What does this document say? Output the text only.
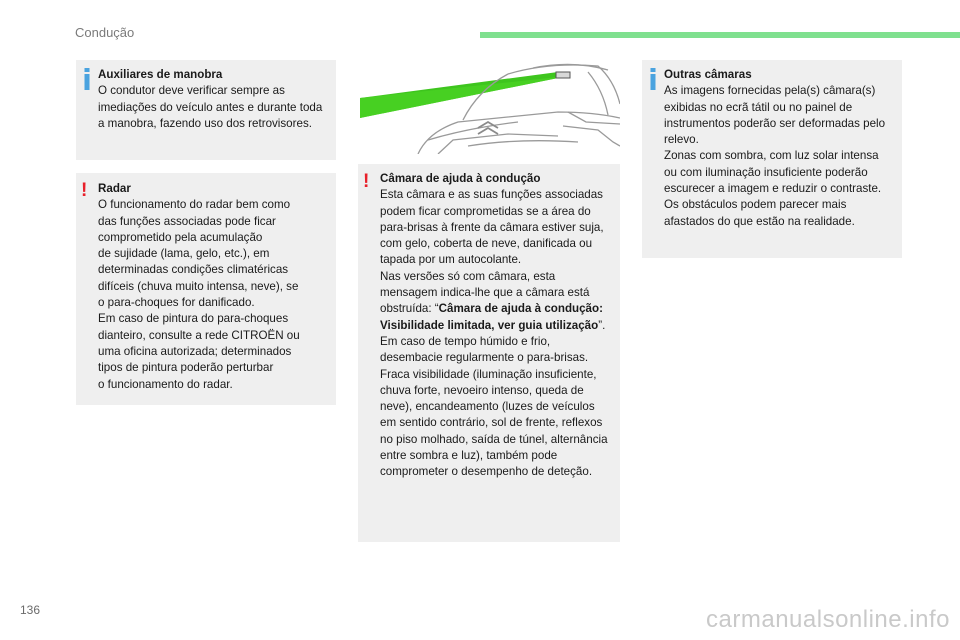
Condução

Auxiliares de manobra

O condutor deve verificar sempre as imediações do veículo antes e durante toda a manobra, fazendo uso dos retrovisores.

! Radar

O funcionamento do radar bem como

das funções associadas pode ficar

comprometido pela acumulação

de sujidade (lama, gelo, etc.), em

determinadas condições climatéricas

difíceis (chuva muito intensa, neve), se

o para-choques for danificado.

Em caso de pintura do para-choques

dianteiro, consulte a rede CITROËN ou

uma oficina autorizada; determinados

tipos de pintura poderão perturbar

o funcionamento do radar.

! Câmara de ajuda à condução

Esta câmara e as suas funções associadas podem ficar comprometidas se a área do para-brisas à frente da câmara estiver suja, com gelo, coberta de neve, danificada ou tapada por um autocolante.

Nas versões só com câmara, esta mensagem indica-lhe que a câmara está obstruída: “Câmara de ajuda à condução: Visibilidade limitada, ver guia utilização”.

Em caso de tempo húmido e frio, desembacie regularmente o para-brisas.

Fraca visibilidade (iluminação insuficiente, chuva forte, nevoeiro intenso, queda de neve), encandeamento (luzes de veículos em sentido contrário, sol de frente, reflexos no piso molhado, saída de túnel, alternância entre sombra e luz), também pode comprometer o desempenho de deteção.

Outras câmaras

As imagens fornecidas pela(s) câmara(s) exibidas no ecrã tátil ou no painel de instrumentos poderão ser deformadas pelo relevo.

Zonas com sombra, com luz solar intensa ou com iluminação insuficiente poderão escurecer a imagem e reduzir o contraste.

Os obstáculos podem parecer mais afastados do que estão na realidade.

136	carmanualsonline.info
